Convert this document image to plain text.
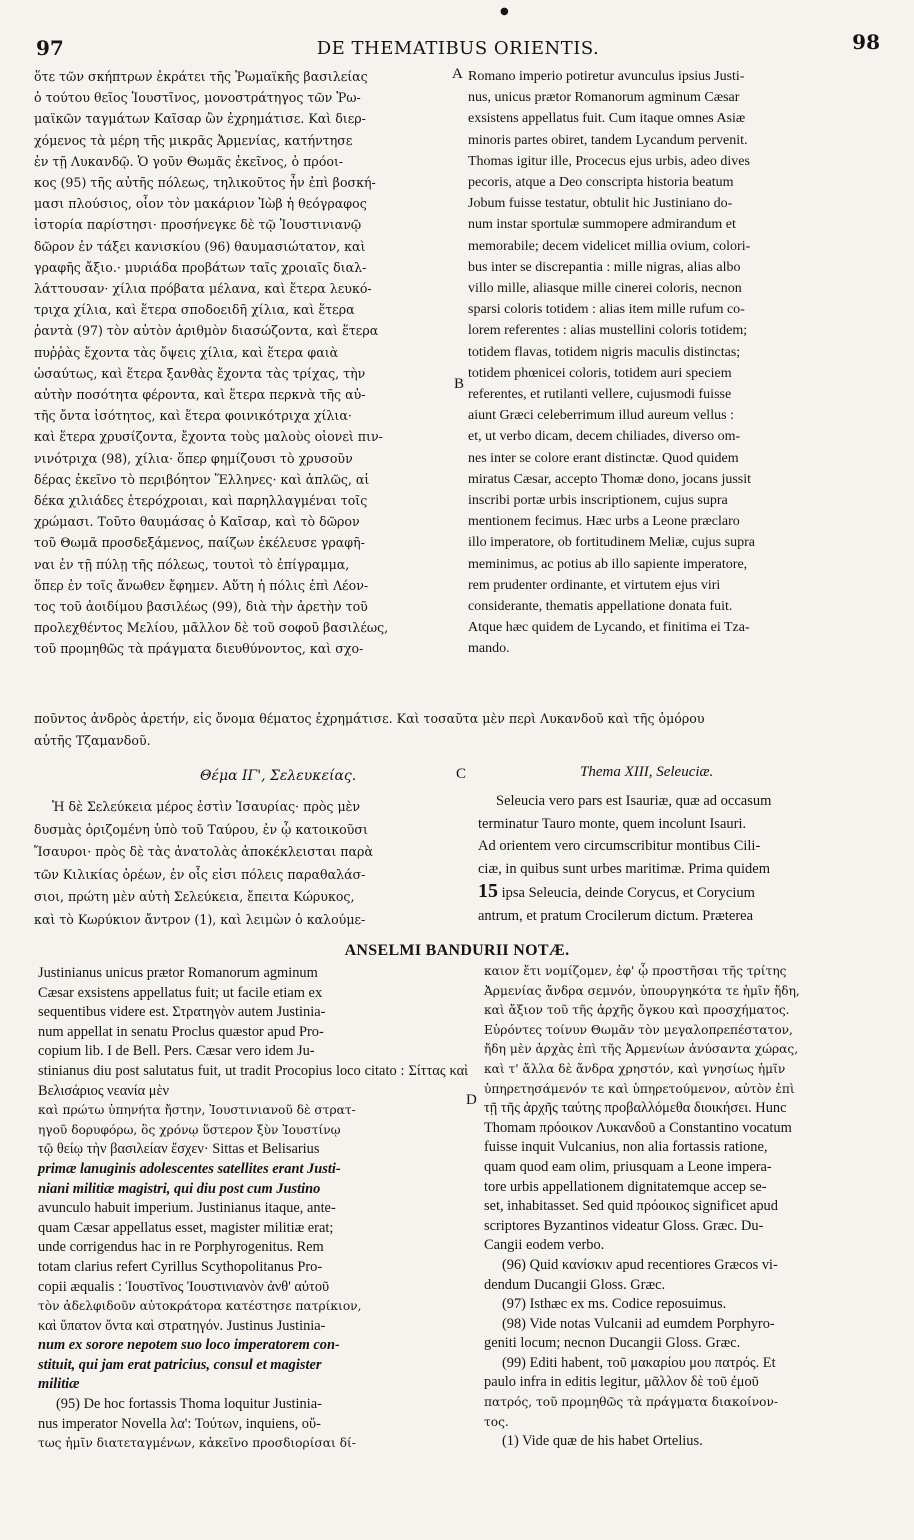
●
97	DE THEMATIBUS ORIENTIS.	98
A
B
C
D

ὅτε τῶν σκήπτρων ἐκράτει τῆς Ῥωμαϊκῆς βασιλείας

ὁ τούτου θεῖος Ἰουστῖνος, μονοστράτηγος τῶν Ῥω-

μαϊκῶν ταγμάτων Καῖσαρ ὢν ἐχρημάτισε. Καὶ διερ-

χόμενος τὰ μέρη τῆς μικρᾶς Ἀρμενίας, κατήντησε

ἐν τῇ Λυκανδῷ. Ὁ γοῦν Θωμᾶς ἐκεῖνος, ὁ πρόοι-

κος (95) τῆς αὐτῆς πόλεως, τηλικοῦτος ἦν ἐπὶ βοσκή-

μασι πλούσιος, οἷον τὸν μακάριον Ἰὼβ ἡ θεόγραφος

ἱστορία παρίστησι· προσήνεγκε δὲ τῷ Ἰουστινιανῷ

δῶρον ἐν τάξει κανισκίου (96) θαυμασιώτατον, καὶ

γραφῆς ἄξιο.· μυριάδα προβάτων ταῖς χροιαῖς διαλ-

λάττουσαν· χίλια πρόβατα μέλανα, καὶ ἕτερα λευκό-

τριχα χίλια, καὶ ἕτερα σποδοειδῆ χίλια, καὶ ἕτερα

ῥαντὰ (97) τὸν αὐτὸν ἀριθμὸν διασώζοντα, καὶ ἕτερα

πυῤῥὰς ἔχοντα τὰς ὄψεις χίλια, καὶ ἕτερα φαιὰ

ὡσαύτως, καὶ ἕτερα ξανθὰς ἔχοντα τὰς τρίχας, τὴν

αὐτὴν ποσότητα φέροντα, καὶ ἕτερα περκνὰ τῆς αὐ-

τῆς ὄντα ἰσότητος, καὶ ἕτερα φοινικότριχα χίλια·

καὶ ἕτερα χρυσίζοντα, ἔχοντα τοὺς μαλοὺς οἱονεὶ πιν-

νινότριχα (98), χίλια· ὅπερ φημίζουσι τὸ χρυσοῦν

δέρας ἐκεῖνο τὸ περιβόητον Ἕλληνες· καὶ ἁπλῶς, αἱ

δέκα χιλιάδες ἑτερόχροιαι, καὶ παρηλλαγμέναι τοῖς

χρώμασι. Τοῦτο θαυμάσας ὁ Καῖσαρ, καὶ τὸ δῶρον

τοῦ Θωμᾶ προσδεξάμενος, παίζων ἐκέλευσε γραφῆ-

ναι ἐν τῇ πύλῃ τῆς πόλεως, τουτοὶ τὸ ἐπίγραμμα,

ὅπερ ἐν τοῖς ἄνωθεν ἔφημεν. Αὕτη ἡ πόλις ἐπὶ Λέον-

τος τοῦ ἀοιδίμου βασιλέως (99), διὰ τὴν ἀρετὴν τοῦ

προλεχθέντος Μελίου, μᾶλλον δὲ τοῦ σοφοῦ βασιλέως,

τοῦ προμηθῶς τὰ πράγματα διευθύνοντος, καὶ σχο-

Romano imperio potiretur avunculus ipsius Justi-

nus, unicus prætor Romanorum agminum Cæsar

exsistens appellatus fuit. Cum itaque omnes Asiæ

minoris partes obiret, tandem Lycandum pervenit.

Thomas igitur ille, Procecus ejus urbis, adeo dives

pecoris, atque a Deo conscripta historia beatum

Jobum fuisse testatur, obtulit hic Justiniano do-

num instar sportulæ summopere admirandum et

memorabile; decem videlicet millia ovium, colori-

bus inter se discrepantia : mille nigras, alias albo

villo mille, aliasque mille cinerei coloris, necnon

sparsi coloris totidem : alias item mille rufum co-

lorem referentes : alias mustellini coloris totidem;

totidem flavas, totidem nigris maculis distinctas;

totidem phœnicei coloris, totidem auri speciem

referentes, et rutilanti vellere, cujusmodi fuisse

aiunt Græci celeberrimum illud aureum vellus :

et, ut verbo dicam, decem chiliades, diverso om-

nes inter se colore erant distinctæ. Quod quidem

miratus Cæsar, accepto Thomæ dono, jocans jussit

inscribi portæ urbis inscriptionem, cujus supra

mentionem fecimus. Hæc urbs a Leone præclaro

illo imperatore, ob fortitudinem Meliæ, cujus supra

meminimus, ac potius ab illo sapiente imperatore,

rem prudenter ordinante, et virtutem ejus viri

considerante, thematis appellatione donata fuit.

Atque hæc quidem de Lycando, et finitima ei Tza-

mando.

ποῦντος ἀνδρὸς ἀρετήν, εἰς ὄνομα θέματος ἐχρημάτισε. Καὶ τοσαῦτα μὲν περὶ Λυκανδοῦ καὶ τῆς ὁμόρου
αὐτῆς Τζαμανδοῦ.
Θέμα ΙΓ', Σελευκείας.	Thema XIII, Seleuciæ.

Ἡ δὲ Σελεύκεια μέρος ἐστὶν Ἰσαυρίας· πρὸς μὲν

δυσμὰς ὁριζομένη ὑπὸ τοῦ Ταύρου, ἐν ᾧ κατοικοῦσι

Ἴσαυροι· πρὸς δὲ τὰς ἀνατολὰς ἀποκέκλεισται παρὰ

τῶν Κιλικίας ὀρέων, ἐν οἷς εἰσι πόλεις παραθαλάσ-

σιοι, πρώτη μὲν αὐτὴ Σελεύκεια, ἔπειτα Κώρυκος,

καὶ τὸ Κωρύκιον ἄντρον (1), καὶ λειμὼν ὁ καλούμε-

Seleucia vero pars est Isauriæ, quæ ad occasum

terminatur Tauro monte, quem incolunt Isauri.

Ad orientem vero circumscribitur montibus Cili-

ciæ, in quibus sunt urbes maritimæ. Prima quidem

15 ipsa Seleucia, deinde Corycus, et Corycium

antrum, et pratum Crocilerum dictum. Præterea

ANSELMI BANDURII NOTÆ.

Justinianus unicus prætor Romanorum agminum

Cæsar exsistens appellatus fuit; ut facile etiam ex

sequentibus videre est. Στρατηγὸν autem Justinia-

num appellat in senatu Proclus quæstor apud Pro-

copium lib. I de Bell. Pers. Cæsar vero idem Ju-

stinianus diu post salutatus fuit, ut tradit Procopius loco citato : Σίττας καὶ Βελισάριος νεανία μὲν

καὶ πρώτω ὑπηνήτα ἤστην, Ἰουστινιανοῦ δὲ στρατ-

ηγοῦ δορυφόρω, ὃς χρόνῳ ὕστερον ξὺν Ἰουστίνῳ

τῷ θείῳ τὴν βασιλείαν ἔσχεν· Sittas et Belisarius

primæ lanuginis adolescentes satellites erant Justi-

niani militiæ magistri, qui diu post cum Justino

avunculo habuit imperium. Justinianus itaque, ante-

quam Cæsar appellatus esset, magister militiæ erat;

unde corrigendus hac in re Porphyrogenitus. Rem

totam clarius refert Cyrillus Scythopolitanus Pro-

copii æqualis : Ἰουστῖνος Ἰουστινιανὸν ἀνθ' αὐτοῦ

τὸν ἀδελφιδοῦν αὐτοκράτορα κατέστησε πατρίκιον,

καὶ ὕπατον ὄντα καὶ στρατηγόν. Justinus Justinia-

num ex sorore nepotem suo loco imperatorem con-

stituit, qui jam erat patricius, consul et magister

militiæ

(95) De hoc fortassis Thoma loquitur Justinia-

nus imperator Novella λα': Τούτων, inquiens, οὕ-

τως ἡμῖν διατεταγμένων, κἀκεῖνο προσδιορίσαι δί-

καιον ἔτι νομίζομεν, ἐφ' ᾧ προστῆσαι τῆς τρίτης

Ἀρμενίας ἄνδρα σεμνόν, ὑπουργηκότα τε ἡμῖν ἤδη,

καὶ ἄξιον τοῦ τῆς ἀρχῆς ὄγκου καὶ προσχήματος.

Εὑρόντες τοίνυν Θωμᾶν τὸν μεγαλοπρεπέστατον,

ἤδη μὲν ἀρχὰς ἐπὶ τῆς Ἀρμενίων ἀνύσαντα χώρας,

καὶ τ' ἄλλα δὲ ἄνδρα χρηστόν, καὶ γνησίως ἡμῖν

ὑπηρετησάμενόν τε καὶ ὑπηρετούμενον, αὐτὸν ἐπὶ

τῇ τῆς ἀρχῆς ταύτης προβαλλόμεθα διοικήσει. Hunc

Thomam πρόοικον Λυκανδοῦ a Constantino vocatum

fuisse inquit Vulcanius, non alia fortassis ratione,

quam quod eam olim, priusquam a Leone impera-

tore urbis appellationem dignitatemque accep se-

set, inhabitasset. Sed quid πρόοικος significet apud

scriptores Byzantinos videatur Gloss. Græc. Du-

Cangii eodem verbo.

(96) Quid κανίσκιν apud recentiores Græcos vi-

dendum Ducangii Gloss. Græc.

(97) Isthæc ex ms. Codice reposuimus.

(98) Vide notas Vulcanii ad eumdem Porphyro-

geniti locum; necnon Ducangii Gloss. Græc.

(99) Editi habent, τοῦ μακαρίου μου πατρός. Et

paulo infra in editis legitur, μᾶλλον δὲ τοῦ ἐμοῦ

πατρός, τοῦ προμηθῶς τὰ πράγματα διακοίνον-

τος.

(1) Vide quæ de his habet Ortelius.
